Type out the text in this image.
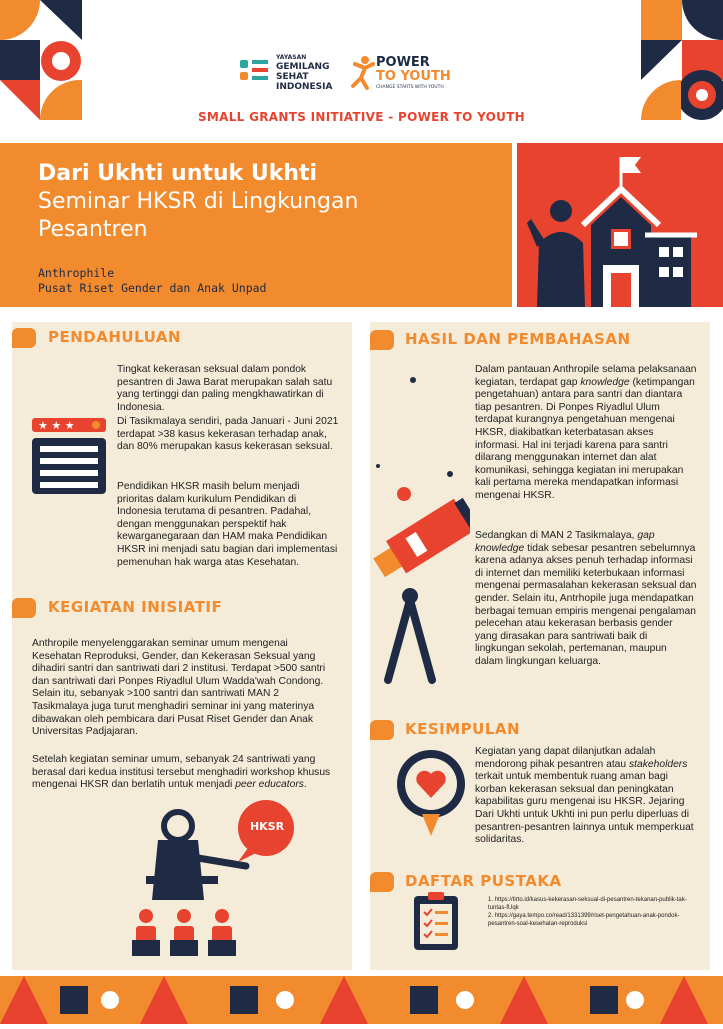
YAYASAN
GEMILANG
SEHAT
INDONESIA
POWER
TO YOUTH
CHANGE STARTS WITH YOUTH
SMALL GRANTS INITIATIVE - POWER TO YOUTH
Dari Ukhti untuk Ukhti
Seminar HKSR di Lingkungan Pesantren
Anthrophile
Pusat Riset Gender dan Anak Unpad
PENDAHULUAN
★ ★ ★
Tingkat kekerasan seksual dalam pondok pesantren di Jawa Barat merupakan salah satu yang tertinggi dan paling mengkhawatirkan di Indonesia.
Di Tasikmalaya sendiri, pada Januari - Juni 2021 terdapat >38 kasus kekerasan terhadap anak, dan 80% merupakan kasus kekerasan seksual.
Pendidikan HKSR masih belum menjadi prioritas dalam kurikulum Pendidikan di Indonesia terutama di pesantren. Padahal, dengan menggunakan perspektif hak kewarganegaraan dan HAM maka Pendidikan HKSR ini menjadi satu bagian dari implementasi pemenuhan hak warga atas Kesehatan.
KEGIATAN INISIATIF
Anthropile menyelenggarakan seminar umum mengenai Kesehatan Reproduksi, Gender, dan Kekerasan Seksual yang dihadiri santri dan santriwati dari 2 institusi. Terdapat >500 santri dan santriwati dari Ponpes Riyadlul Ulum Wadda'wah Condong. Selain itu, sebanyak >100 santri dan santriwati MAN 2 Tasikmalaya juga turut menghadiri seminar ini yang materinya dibawakan oleh pembicara dari Pusat Riset Gender dan Anak Universitas Padjajaran.
Setelah kegiatan seminar umum, sebanyak 24 santriwati yang berasal dari kedua institusi tersebut menghadiri workshop khusus mengenai HKSR dan berlatih untuk menjadi peer educators.
HKSR
HASIL DAN PEMBAHASAN
Dalam pantauan Anthropile selama pelaksanaan kegiatan, terdapat gap knowledge (ketimpangan pengetahuan) antara para santri dan diantara tiap pesantren. Di Ponpes Riyadlul Ulum terdapat kurangnya pengetahuan mengenai HKSR, diakibatkan keterbatasan akses informasi. Hal ini terjadi karena para santri dilarang menggunakan internet dan alat komunikasi, sehingga kegiatan ini merupakan kali pertama mereka mendapatkan informasi mengenai HKSR.
Sedangkan di MAN 2 Tasikmalaya, gap knowledge tidak sebesar pesantren sebelumnya karena adanya akses penuh terhadap informasi di internet dan memiliki keterbukaan informasi mengenai permasalahan kekerasan seksual dan gender. Selain itu, Antrhopile juga mendapatkan berbagai temuan empiris mengenai pengalaman pelecehan atau kekerasan berbasis gender yang dirasakan para santriwati baik di lingkungan sekolah, pertemanan, maupun dalam lingkungan keluarga.
KESIMPULAN
Kegiatan yang dapat dilanjutkan adalah mendorong pihak pesantren atau stakeholders terkait untuk membentuk ruang aman bagi korban kekerasan seksual dan peningkatan kapabilitas guru mengenai isu HKSR. Jejaring Dari Ukhti untuk Ukhti ini pun perlu diperluas di pesantren-pesantren lainnya untuk memperkuat solidaritas.
DAFTAR PUSTAKA
1. https://tirto.id/kasus-kekerasan-seksual-di-pesantren-tekanan-publik-tak-tuntas-fUqk
2. https://gaya.tempo.co/read/1331399/riset-pengetahuan-anak-pondok-pesantren-soal-kesehatan-reproduksi
